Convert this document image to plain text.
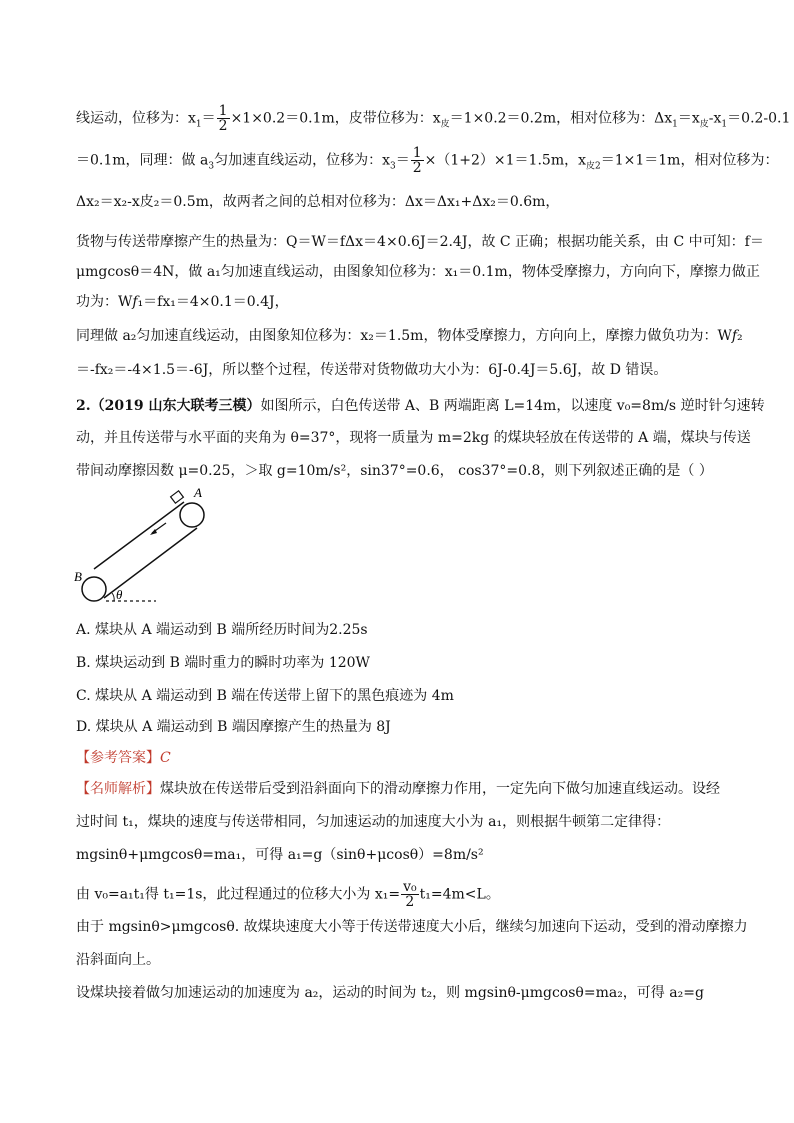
线运动，位移为：$x_1= \frac{1}{2} \times 1\times 0.2=0.1m$，皮带位移为：$x_皮=1\times 0.2=0.2m$，相对位移为：$\Delta x_1=x_皮-x_1=0.2-0.1$
＝0.1m，同理：做 $a_3$匀加速直线运动，位移为：$x_3= \frac{1}{2} \times(1+2)\times 1=1.5m$，$x_{皮2}=1\times 1=1m$，相对位移为：
Δx₂＝x₂-x皮₂＝0.5m，故两者之间的总相对位移为：Δx＝Δx₁+Δx₂＝0.6m，
货物与传送带摩擦产生的热量为：Q＝W＝fΔx＝4×0.6J＝2.4J，故 C 正确；根据功能关系，由 C 中可知：f＝
μmgcosθ＝4N，做 a₁匀加速直线运动，由图象知位移为：x₁＝0.1m，物体受摩擦力，方向向下，摩擦力做正
功为：W𝑓₁＝fx₁＝4×0.1＝0.4J，
同理做 a₂匀加速直线运动，由图象知位移为：x₂＝1.5m，物体受摩擦力，方向向上，摩擦力做负功为：W𝑓₂
＝-fx₂＝-4×1.5＝-6J，所以整个过程，传送带对货物做功大小为：6J-0.4J＝5.6J，故 D 错误。
2.（2019 山东大联考三模）如图所示，白色传送带 A、B 两端距离 L=14m，以速度 v₀=8m/s 逆时针匀速转
动，并且传送带与水平面的夹角为 θ=37°，现将一质量为 m=2kg 的煤块轻放在传送带的 A 端，煤块与传送
带间动摩擦因数 μ=0.25，＞取 g=10m/s²，sin37°=0.6， cos37°=0.8，则下列叙述正确的是（ ）
θ
A
B
A. 煤块从 A 端运动到 B 端所经历时间为2.25s
B. 煤块运动到 B 端时重力的瞬时功率为 120W
C. 煤块从 A 端运动到 B 端在传送带上留下的黑色痕迹为 4m
D. 煤块从 A 端运动到 B 端因摩擦产生的热量为 8J
【参考答案】C
【名师解析】煤块放在传送带后受到沿斜面向下的滑动摩擦力作用，一定先向下做匀加速直线运动。设经
过时间 t₁，煤块的速度与传送带相同，匀加速运动的加速度大小为 a₁，则根据牛顿第二定律得：
mgsinθ+μmgcosθ=ma₁，可得 a₁=g（sinθ+μcosθ）=8m/s²
由 v₀=a₁t₁得 t₁=1s，此过程通过的位移大小为 $x_1= \frac{\text{v₀}}{2} t_1=4m<L$。
由于 mgsinθ>μmgcosθ. 故煤块速度大小等于传送带速度大小后，继续匀加速向下运动，受到的滑动摩擦力
沿斜面向上。
设煤块接着做匀加速运动的加速度为 a₂，运动的时间为 t₂，则 mgsinθ-μmgcosθ=ma₂，可得 a₂=g
